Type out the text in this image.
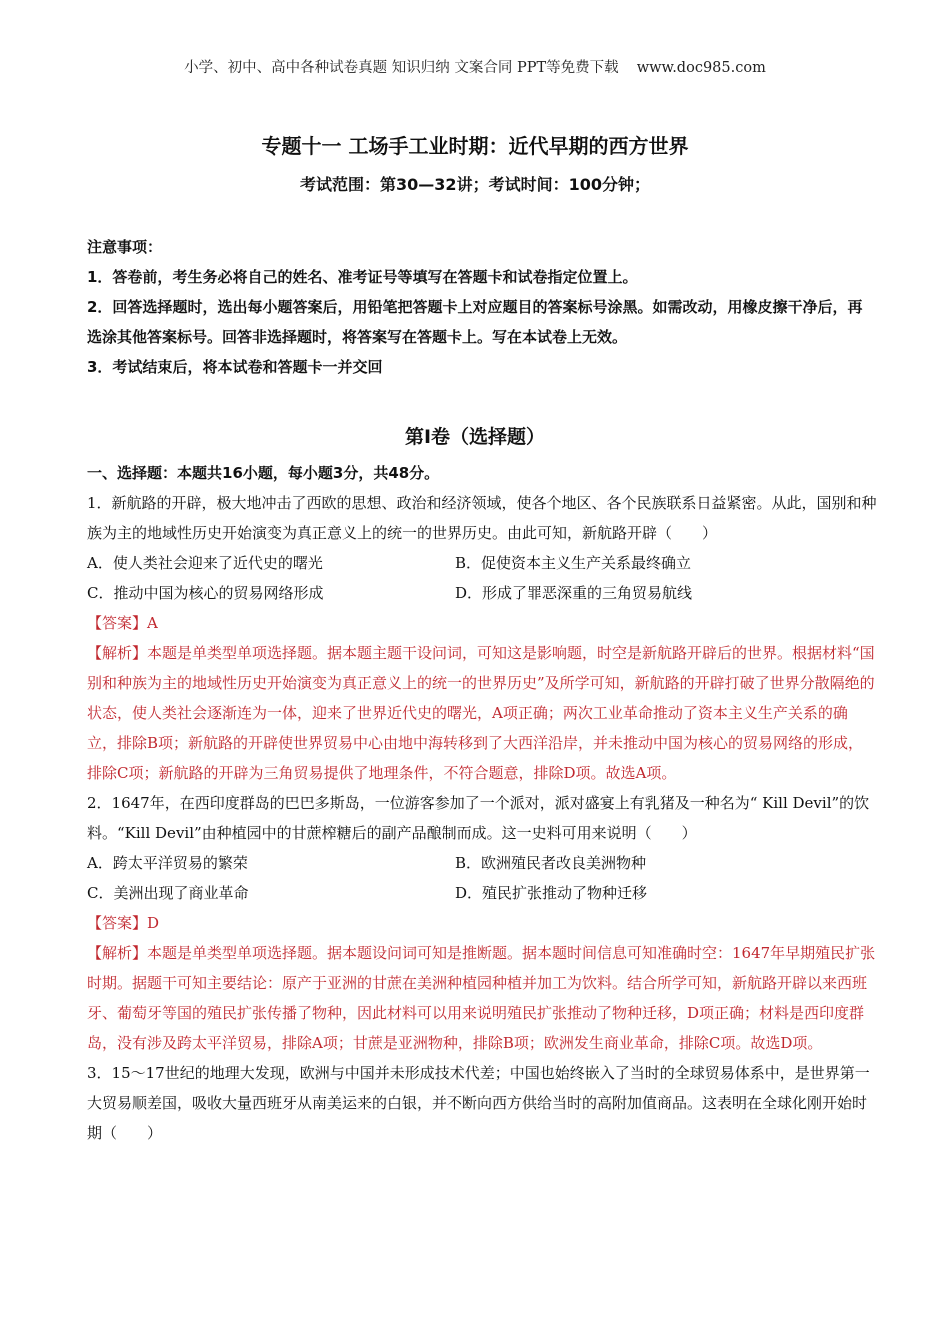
小学、初中、高中各种试卷真题 知识归纳 文案合同 PPT等免费下载 www.doc985.com
专题十一 工场手工业时期：近代早期的西方世界
考试范围：第30—32讲；考试时间：100分钟；
注意事项：
1．答卷前，考生务必将自己的姓名、准考证号等填写在答题卡和试卷指定位置上。
2．回答选择题时，选出每小题答案后，用铅笔把答题卡上对应题目的答案标号涂黑。如需改动，用橡皮擦干净后，再选涂其他答案标号。回答非选择题时，将答案写在答题卡上。写在本试卷上无效。
3．考试结束后，将本试卷和答题卡一并交回
第I卷（选择题）

一、选择题：本题共16小题，每小题3分，共48分。

1．新航路的开辟，极大地冲击了西欧的思想、政治和经济领域，使各个地区、各个民族联系日益紧密。从此，国别和种族为主的地域性历史开始演变为真正意义上的统一的世界历史。由此可知，新航路开辟（　　）

A．使人类社会迎来了近代史的曙光	B．促使资本主义生产关系最终确立
C．推动中国为核心的贸易网络形成	D．形成了罪恶深重的三角贸易航线

【答案】A

【解析】本题是单类型单项选择题。据本题主题干设问词，可知这是影响题，时空是新航路开辟后的世界。根据材料“国别和种族为主的地域性历史开始演变为真正意义上的统一的世界历史”及所学可知，新航路的开辟打破了世界分散隔绝的状态，使人类社会逐渐连为一体，迎来了世界近代史的曙光，A项正确；两次工业革命推动了资本主义生产关系的确立，排除B项；新航路的开辟使世界贸易中心由地中海转移到了大西洋沿岸，并未推动中国为核心的贸易网络的形成，排除C项；新航路的开辟为三角贸易提供了地理条件，不符合题意，排除D项。故选A项。

2．1647年，在西印度群岛的巴巴多斯岛，一位游客参加了一个派对，派对盛宴上有乳猪及一种名为“ Kill Devil”的饮料。“Kill Devil”由种植园中的甘蔗榨糖后的副产品酿制而成。这一史料可用来说明（　　）

A．跨太平洋贸易的繁荣	B．欧洲殖民者改良美洲物种
C．美洲出现了商业革命	D．殖民扩张推动了物种迁移

【答案】D

【解析】本题是单类型单项选择题。据本题设问词可知是推断题。据本题时间信息可知准确时空：1647年早期殖民扩张时期。据题干可知主要结论：原产于亚洲的甘蔗在美洲种植园种植并加工为饮料。结合所学可知，新航路开辟以来西班牙、葡萄牙等国的殖民扩张传播了物种，因此材料可以用来说明殖民扩张推动了物种迁移，D项正确；材料是西印度群岛，没有涉及跨太平洋贸易，排除A项；甘蔗是亚洲物种，排除B项；欧洲发生商业革命，排除C项。故选D项。

3．15～17世纪的地理大发现，欧洲与中国并未形成技术代差；中国也始终嵌入了当时的全球贸易体系中，是世界第一大贸易顺差国，吸收大量西班牙从南美运来的白银，并不断向西方供给当时的高附加值商品。这表明在全球化刚开始时期（　　）
